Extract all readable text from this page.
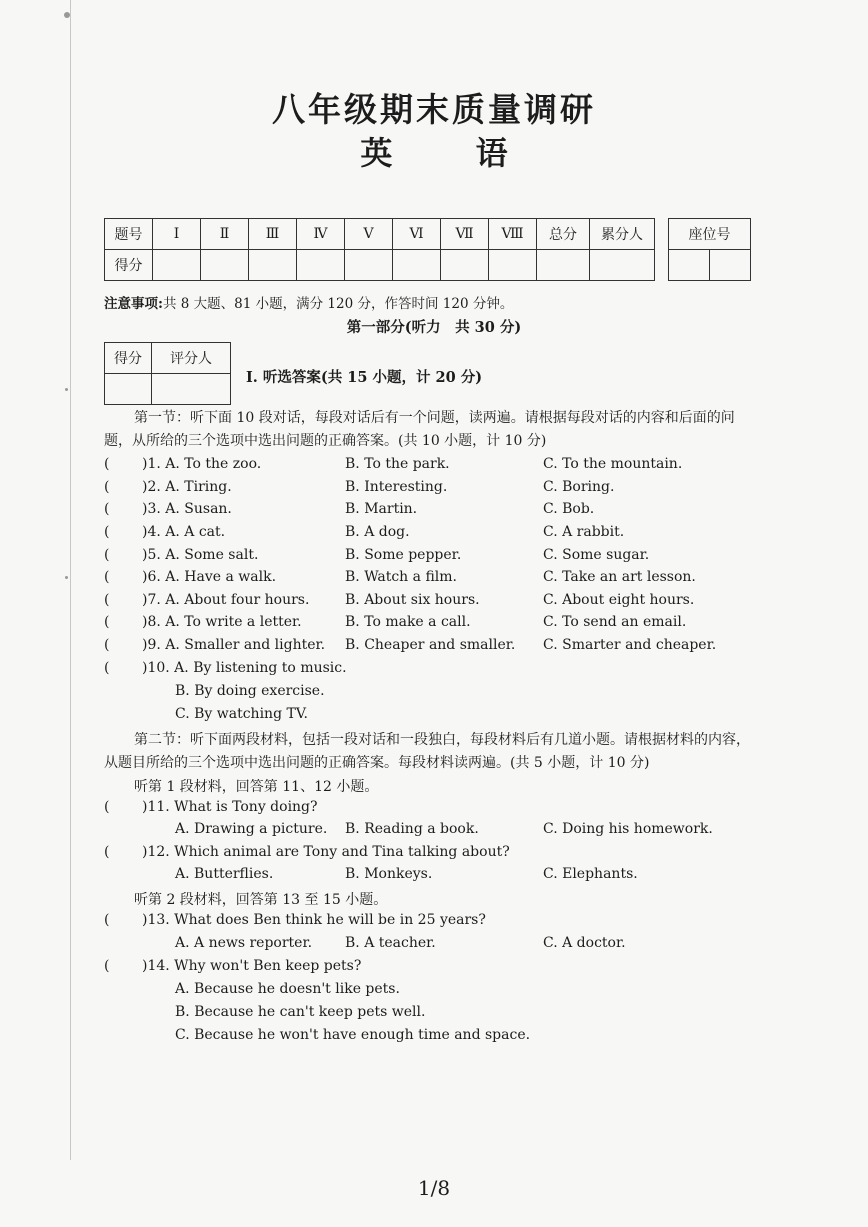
八年级期末质量调研
英 语
题号	Ⅰ	Ⅱ	Ⅲ	Ⅳ	Ⅴ	Ⅵ	Ⅶ	Ⅷ	总分	累分人
得分										
座位号

注意事项:共 8 大题、81 小题，满分 120 分，作答时间 120 分钟。
第一部分(听力　共 30 分)
得分	评分人

Ⅰ. 听选答案(共 15 小题，计 20 分)
第一节：听下面 10 段对话，每段对话后有一个问题，读两遍。请根据每段对话的内容和后面的问题，从所给的三个选项中选出问题的正确答案。(共 10 小题，计 10 分)
( )1. A. To the zoo.	B. To the park.	C. To the mountain.
( )2. A. Tiring.	B. Interesting.	C. Boring.
( )3. A. Susan.	B. Martin.	C. Bob.
( )4. A. A cat.	B. A dog.	C. A rabbit.
( )5. A. Some salt.	B. Some pepper.	C. Some sugar.
( )6. A. Have a walk.	B. Watch a film.	C. Take an art lesson.
( )7. A. About four hours.	B. About six hours.	C. About eight hours.
( )8. A. To write a letter.	B. To make a call.	C. To send an email.
( )9. A. Smaller and lighter. B. Cheaper and smaller. C. Smarter and cheaper.
( )10. A. By listening to music.
B. By doing exercise.
C. By watching TV.
第二节：听下面两段材料，包括一段对话和一段独白，每段材料后有几道小题。请根据材料的内容，从题目所给的三个选项中选出问题的正确答案。每段材料读两遍。(共 5 小题，计 10 分)
听第 1 段材料，回答第 11、12 小题。
( )11. What is Tony doing?
A. Drawing a picture. B. Reading a book.	C. Doing his homework.
( )12. Which animal are Tony and Tina talking about?
A. Butterflies.	B. Monkeys.	C. Elephants.
听第 2 段材料，回答第 13 至 15 小题。
( )13. What does Ben think he will be in 25 years?
A. A news reporter. B. A teacher.	C. A doctor.
( )14. Why won't Ben keep pets?
A. Because he doesn't like pets.
B. Because he can't keep pets well.
C. Because he won't have enough time and space.
1/8
